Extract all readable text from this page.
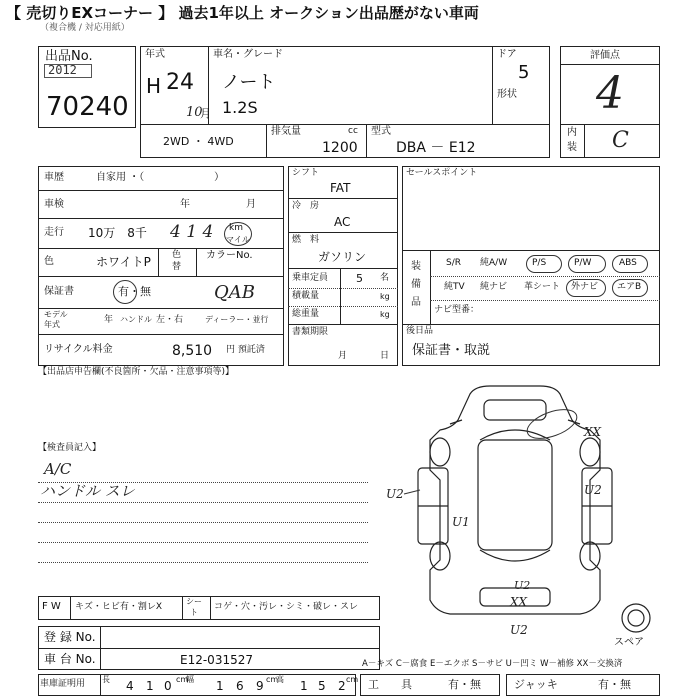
【 売切りEXコーナー 】 過去1年以上 オークション出品歴がない車両
（複合機 / 対応用紙）
出品No.
2012
70240
年式
H 24
10
月
車名・グレード
ノート
1.2S
ドア
5
形状
2WD ・ 4WD
排気量	cc
1200
型式
DBA － E12
評価点
4
内
装 C
車歴	自家用 ・（　　　　　　　）
車検	年	月
走行 10万　8千 4 1 4 km
マイル
色	ホワイトP 色
替
カラーNo.
保証書	有・無	QAB
モデル
年式	年 ハンドル 左・右	ディーラー・並行
リサイクル料金	8,510 円 預託済
シフト
FAT
冷　房
AC
燃　料
ガソリン
乗車定員	5 名
積載量	kg
総重量	kg
書類期限
月	日
セールスポイント
装
備
品
S/R 純A/W	P/S	P/W	ABS
純TV 純ナビ 革シート 外ナビ エアB
ナビ型番：
後日品
保証書・取説
【出品店申告欄(不良箇所・欠品・注意事項等)】
【検査員記入】
A/C
ハンドル スレ
F W キズ・ヒビ有・割レX
シー
ト
コゲ・穴・汚レ・シミ・破レ・スレ
登 録 No.
車 台 No.	E12-031527
車庫証明用 長 4 1 0 cm
幅 1 6 9 cm
高 1 5 2 cm
A－キズ C－腐食 E－エクボ S－サビ U－凹ミ W－補修 XX－交換済
工　　具	有・無	ジャッキ	有・無
XX
U2	U2
U1
U2
XX
U2
スペア
